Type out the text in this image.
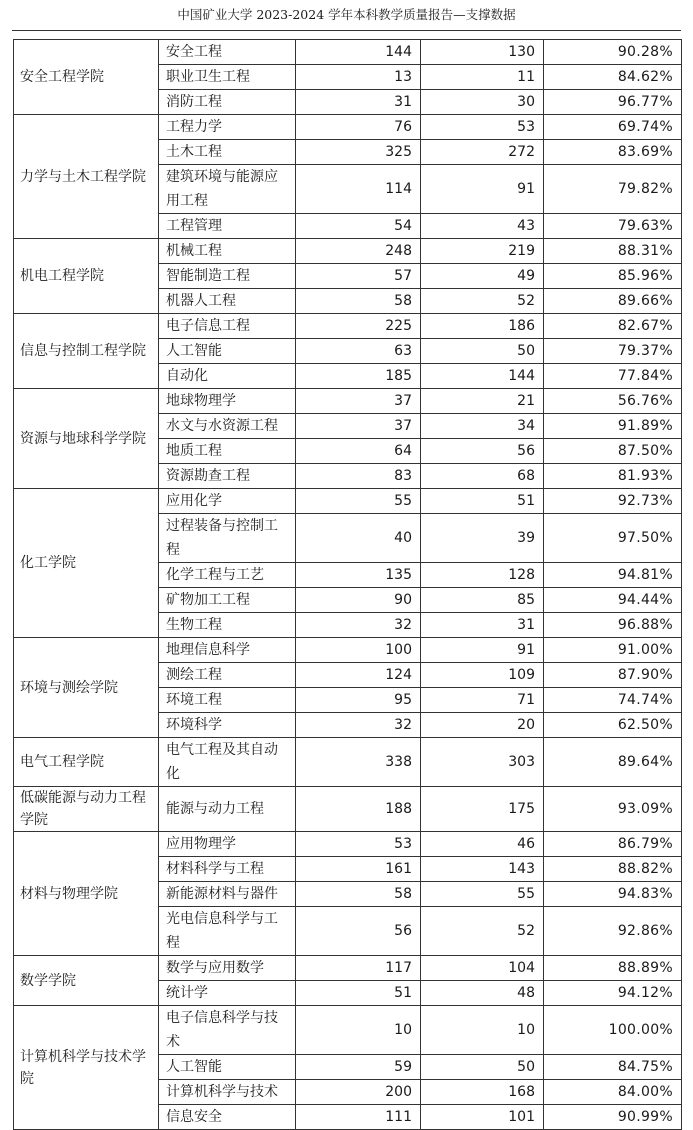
中国矿业大学 2023-2024 学年本科教学质量报告—支撑数据
安全工程学院	安全工程	144	130	90.28%
	职业卫生工程	13	11	84.62%
	消防工程	31	30	96.77%
力学与土木工程学院	工程力学	76	53	69.74%
	土木工程	325	272	83.69%
	建筑环境与能源应用工程	114	91	79.82%
	工程管理	54	43	79.63%
机电工程学院	机械工程	248	219	88.31%
	智能制造工程	57	49	85.96%
	机器人工程	58	52	89.66%
信息与控制工程学院	电子信息工程	225	186	82.67%
	人工智能	63	50	79.37%
	自动化	185	144	77.84%
资源与地球科学学院	地球物理学	37	21	56.76%
	水文与水资源工程	37	34	91.89%
	地质工程	64	56	87.50%
	资源勘查工程	83	68	81.93%
化工学院	应用化学	55	51	92.73%
	过程装备与控制工程	40	39	97.50%
	化学工程与工艺	135	128	94.81%
	矿物加工工程	90	85	94.44%
	生物工程	32	31	96.88%
环境与测绘学院	地理信息科学	100	91	91.00%
	测绘工程	124	109	87.90%
	环境工程	95	71	74.74%
	环境科学	32	20	62.50%
电气工程学院	电气工程及其自动化	338	303	89.64%
低碳能源与动力工程学院	能源与动力工程	188	175	93.09%
材料与物理学院	应用物理学	53	46	86.79%
	材料科学与工程	161	143	88.82%
	新能源材料与器件	58	55	94.83%
	光电信息科学与工程	56	52	92.86%
数学学院	数学与应用数学	117	104	88.89%
	统计学	51	48	94.12%
计算机科学与技术学院	电子信息科学与技术	10	10	100.00%
	人工智能	59	50	84.75%
	计算机科学与技术	200	168	84.00%
	信息安全	111	101	90.99%
